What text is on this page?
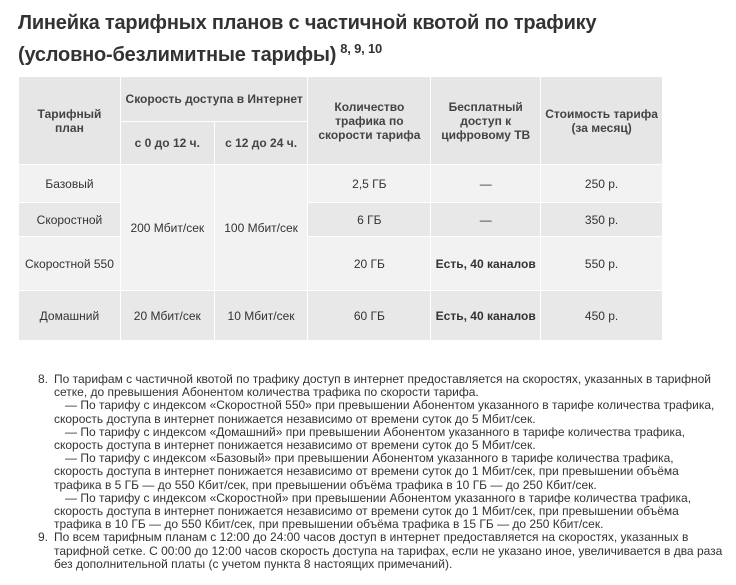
Линейка тарифных планов с частичной квотой по трафику
(условно-безлимитные тарифы) $^{8, 9, 10}$
Тарифный план	Скорость доступа в Интернет		Количество трафика по скорости тарифа	Бесплатный доступ к цифровому ТВ	Стоимость тарифа (за месяц)
	с 0 до 12 ч.	с 12 до 24 ч.			
Базовый	200 Мбит/сек	100 Мбит/сек	2,5 ГБ	—	250 р.
Скоростной			6 ГБ	—	350 р.
Скоростной 550			20 ГБ	Есть, 40 каналов	550 р.
Домашний	20 Мбит/сек	10 Мбит/сек	60 ГБ	Есть, 40 каналов	450 р.
8. По тарифам с частичной квотой по трафику доступ в интернет предоставляется на скоростях, указанных в тарифной сетке, до превышения Абонентом количества трафика по скорости тарифа.

— По тарифу с индексом «Скоростной 550» при превышении Абонентом указанного в тарифе количества трафика, скорость доступа в интернет понижается независимо от времени суток до 5 Мбит/сек.

— По тарифу с индексом «Домашний» при превышении Абонентом указанного в тарифе количества трафика, скорость доступа в интернет понижается независимо от времени суток до 5 Мбит/сек.

— По тарифу с индексом «Базовый» при превышении Абонентом указанного в тарифе количества трафика, скорость доступа в интернет понижается независимо от времени суток до 1 Мбит/сек, при превышении объёма трафика в 5 ГБ — до 550 Кбит/сек, при превышении объёма трафика в 10 ГБ — до 250 Кбит/сек.

— По тарифу с индексом «Скоростной» при превышении Абонентом указанного в тарифе количества трафика, скорость доступа в интернет понижается независимо от времени суток до 1 Мбит/сек, при превышении объёма трафика в 10 ГБ — до 550 Кбит/сек, при превышении объёма трафика в 15 ГБ — до 250 Кбит/сек.

9. По всем тарифным планам с 12:00 до 24:00 часов доступ в интернет предоставляется на скоростях, указанных в тарифной сетке. С 00:00 до 12:00 часов скорость доступа на тарифах, если не указано иное, увеличивается в два раза без дополнительной платы (с учетом пункта 8 настоящих примечаний).
